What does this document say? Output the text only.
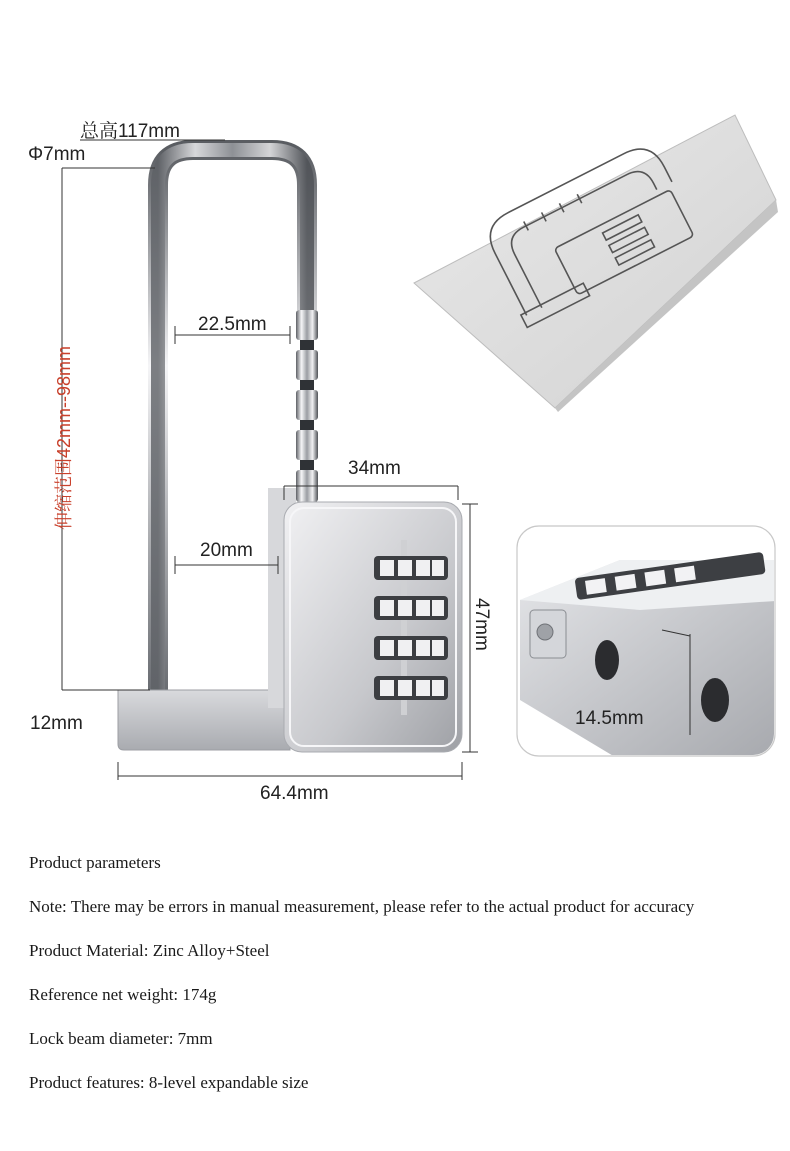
总高117mm
Φ7mm
伸缩范围42mm--98mm
22.5mm
20mm
34mm
47mm
12mm
64.4mm
14.5mm

Product parameters

Note: There may be errors in manual measurement, please refer to the actual product for accuracy

Product Material: Zinc Alloy+Steel

Reference net weight: 174g

Lock beam diameter: 7mm

Product features: 8-level expandable size
